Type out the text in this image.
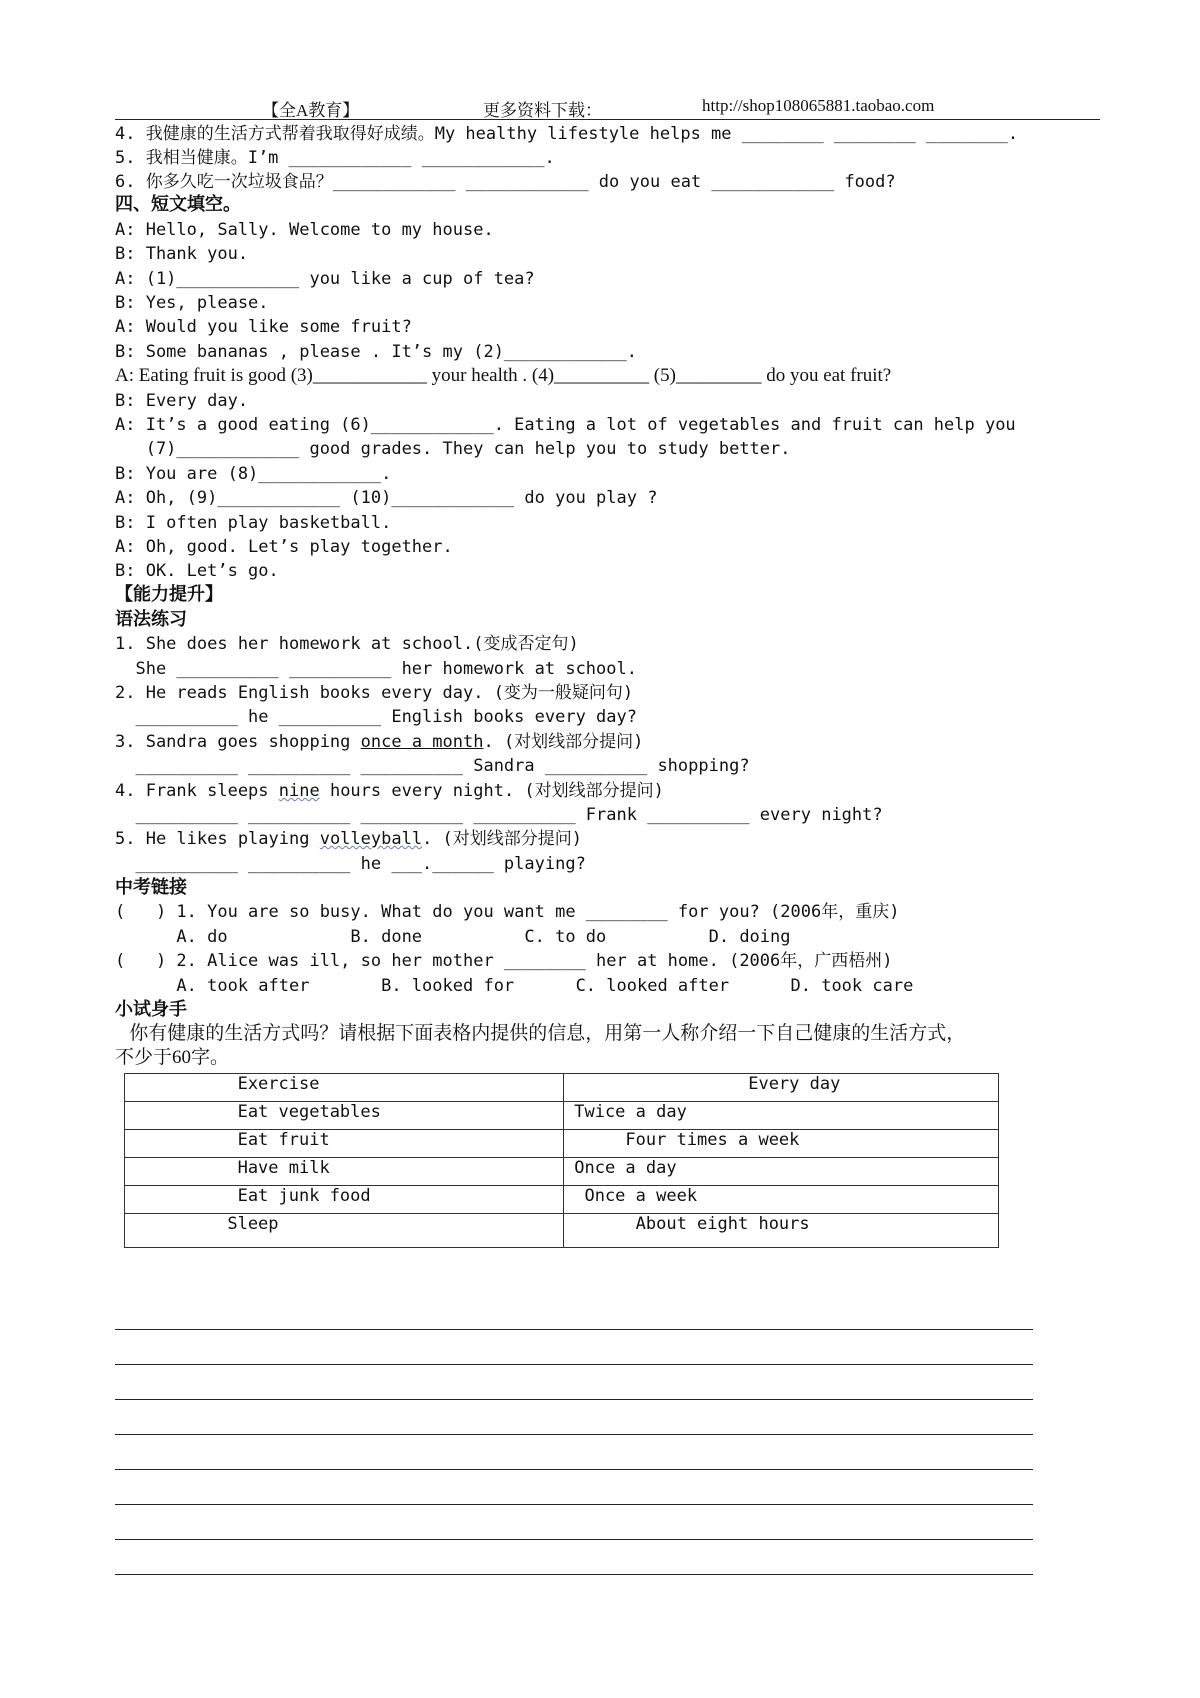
【全A教育】	更多资料下载：	http://shop108065881.taobao.com
4. 我健康的生活方式帮着我取得好成绩。My healthy lifestyle helps me ________ ________ ________.
5. 我相当健康。I’m ____________ ____________.
6. 你多久吃一次垃圾食品？____________ ____________ do you eat ____________ food?
四、短文填空。
A: Hello, Sally. Welcome to my house.
B: Thank you.
A: (1)____________ you like a cup of tea?
B: Yes, please.
A: Would you like some fruit?
B: Some bananas , please . It’s my (2)____________.
A: Eating fruit is good (3)____________ your health . (4)__________ (5)_________ do you eat fruit?
B: Every day.
A: It’s a good eating (6)____________. Eating a lot of vegetables and fruit can help you
(7)____________ good grades. They can help you to study better.
B: You are (8)____________.
A: Oh, (9)____________ (10)____________ do you play ?
B: I often play basketball.
A: Oh, good. Let’s play together.
B: OK. Let’s go.
【能力提升】
语法练习
1. She does her homework at school.(变成否定句)
She __________ __________ her homework at school.
2. He reads English books every day. (变为一般疑问句)
__________ he __________ English books every day?
3. Sandra goes shopping once a month. (对划线部分提问)
__________ __________ __________ Sandra __________ shopping?
4. Frank sleeps nine hours every night. (对划线部分提问)
__________ __________ __________ __________ Frank __________ every night?
5. He likes playing volleyball. (对划线部分提问)
__________ __________ he ___.______ playing?
中考链接
(   ) 1. You are so busy. What do you want me ________ for you? (2006年，重庆)
A. do            B. done          C. to do          D. doing
(   ) 2. Alice was ill, so her mother ________ her at home. (2006年，广西梧州)
A. took after       B. looked for      C. looked after      D. took care
小试身手
你有健康的生活方式吗？请根据下面表格内提供的信息，用第一人称介绍一下自己健康的生活方式，
不少于60字。
Exercise	Every day
Eat vegetables	Twice a day
Eat fruit	Four times a week
Have milk	Once a day
Eat junk food	Once a week
Sleep	About eight hours
